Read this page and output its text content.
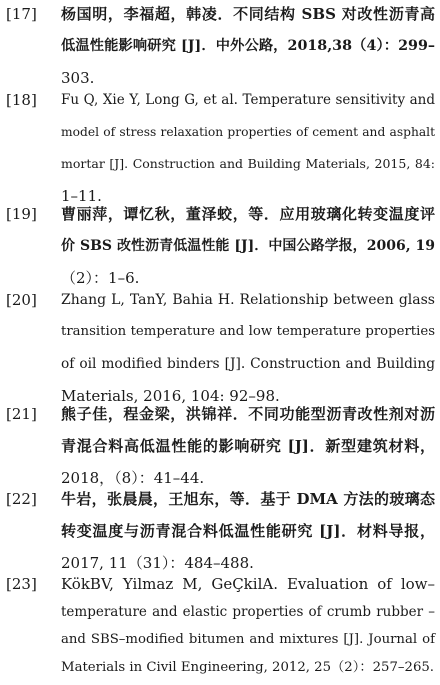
[17] 杨国明，李福超，韩凌．不同结构 SBS 对改性沥青高
低温性能影响研究 [J]．中外公路，2018,38（4）：299–
303.
[18] Fu Q, Xie Y, Long G, et al. Temperature sensitivity and
model of stress relaxation properties of cement and asphalt
mortar [J]. Construction and Building Materials, 2015, 84:
1–11.
[19] 曹丽萍，谭忆秋，董泽蛟，等．应用玻璃化转变温度评
价 SBS 改性沥青低温性能 [J]．中国公路学报，2006, 19
（2）：1–6.
[20] Zhang L, TanY, Bahia H. Relationship between glass
transition temperature and low temperature properties
of oil modified binders [J]. Construction and Building
Materials, 2016, 104: 92–98.
[21] 熊子佳，程金梁，洪锦祥．不同功能型沥青改性剂对沥
青混合料高低温性能的影响研究 [J]．新型建筑材料，
2018，（8）：41–44.
[22] 牛岩，张晨晨，王旭东，等．基于 DMA 方法的玻璃态
转变温度与沥青混合料低温性能研究 [J]．材料导报，
2017, 11（31）：484–488.
[23] KökBV, Yilmaz M, GeÇkilA. Evaluation of low–
temperature and elastic properties of crumb rubber –
and SBS–modified bitumen and mixtures [J]. Journal of
Materials in Civil Engineering, 2012, 25（2）：257–265.
